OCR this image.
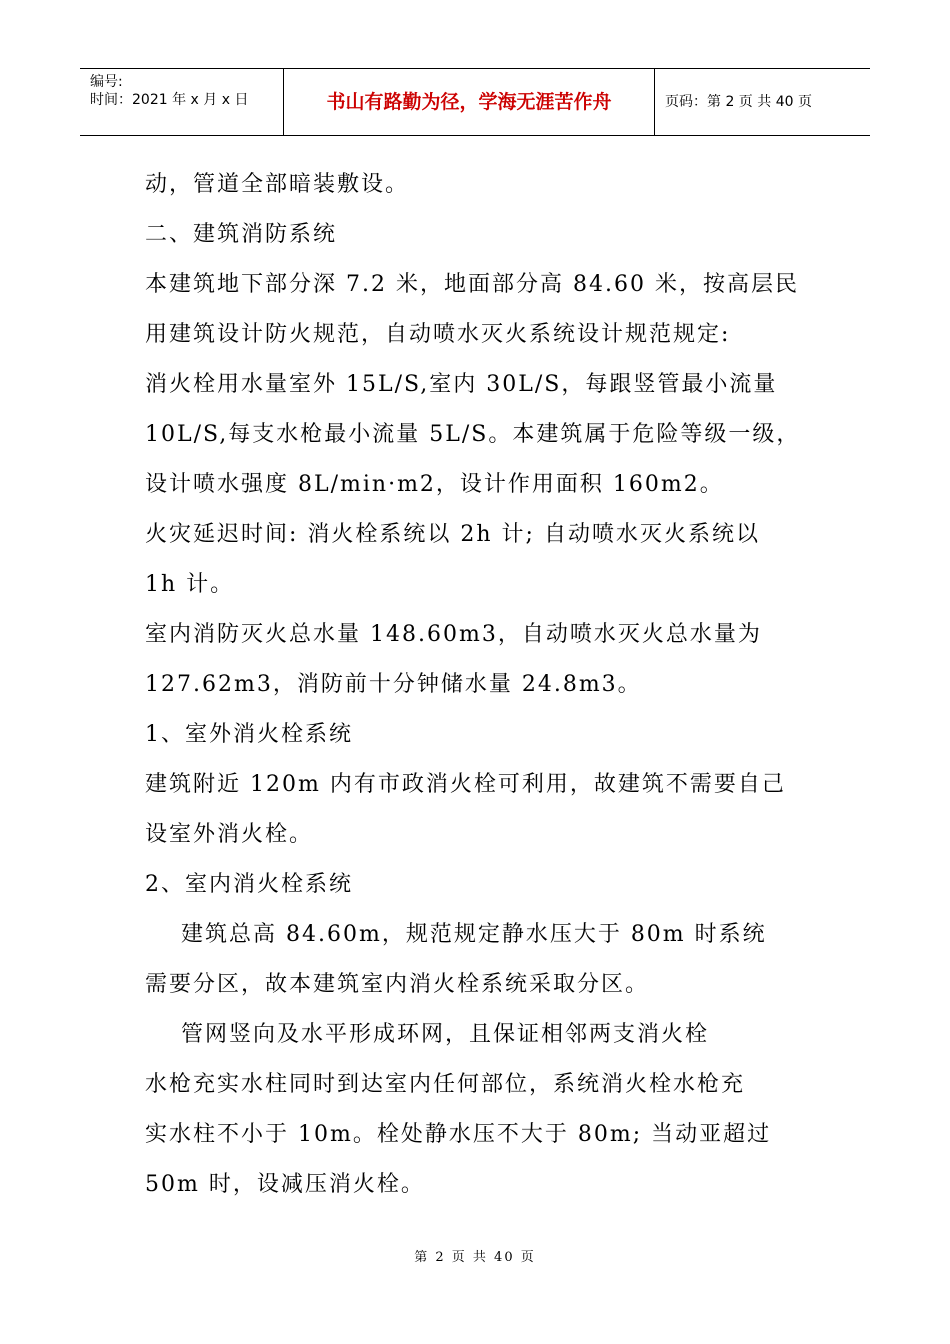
编号:
时间：2021 年 x 月 x 日	书山有路勤为径，学海无涯苦作舟	页码：第 2 页 共 40 页

动，管道全部暗装敷设。

二、建筑消防系统

本建筑地下部分深 7.2 米，地面部分高 84.60 米，按高层民

用建筑设计防火规范，自动喷水灭火系统设计规范规定:

消火栓用水量室外 15L/S,室内 30L/S，每跟竖管最小流量

10L/S,每支水枪最小流量 5L/S。本建筑属于危险等级一级，

设计喷水强度 8L/min·m2，设计作用面积 160m2。

火灾延迟时间: 消火栓系统以 2h 计; 自动喷水灭火系统以

1h 计。

室内消防灭火总水量 148.60m3，自动喷水灭火总水量为

127.62m3，消防前十分钟储水量 24.8m3。

1、室外消火栓系统

建筑附近 120m 内有市政消火栓可利用，故建筑不需要自己

设室外消火栓。

2、室内消火栓系统

建筑总高 84.60m，规范规定静水压大于 80m 时系统

需要分区，故本建筑室内消火栓系统采取分区。

管网竖向及水平形成环网，且保证相邻两支消火栓

水枪充实水柱同时到达室内任何部位，系统消火栓水枪充

实水柱不小于 10m。栓处静水压不大于 80m; 当动亚超过

50m 时，设减压消火栓。

第 2 页 共 40 页
